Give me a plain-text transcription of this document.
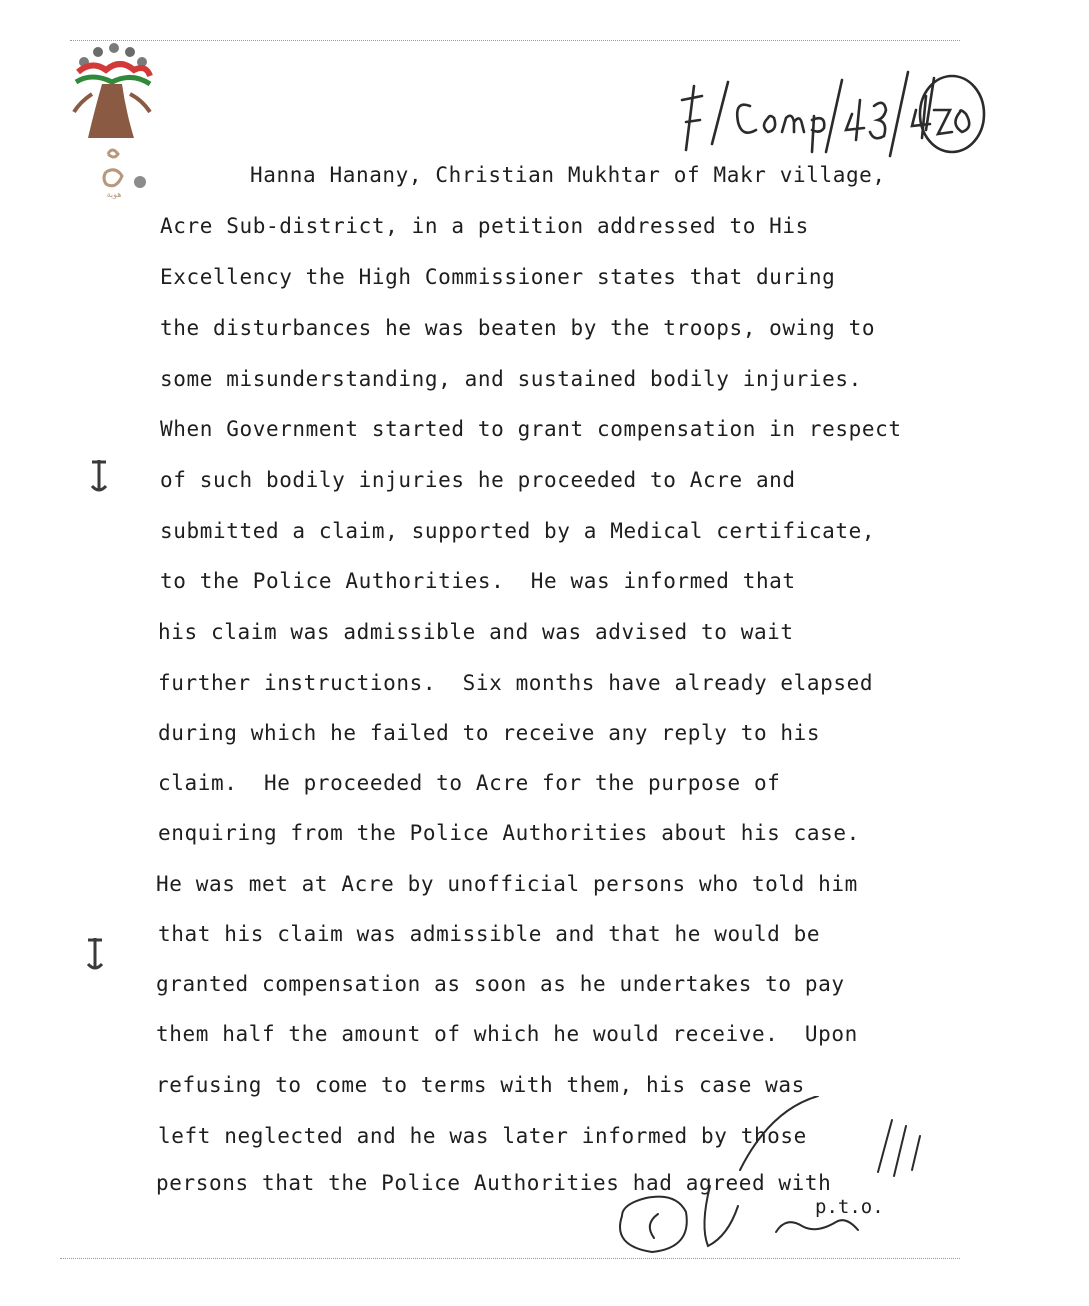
هوية
Hanna Hanany, Christian Mukhtar of Makr village,
Acre Sub-district, in a petition addressed to His
Excellency the High Commissioner states that during
the disturbances he was beaten by the troops, owing to
some misunderstanding, and sustained bodily injuries.
When Government started to grant compensation in respect
of such bodily injuries he proceeded to Acre and
submitted a claim, supported by a Medical certificate,
to the Police Authorities.  He was informed that
his claim was admissible and was advised to wait
further instructions.  Six months have already elapsed
during which he failed to receive any reply to his
claim.  He proceeded to Acre for the purpose of
enquiring from the Police Authorities about his case.
He was met at Acre by unofficial persons who told him
that his claim was admissible and that he would be
granted compensation as soon as he undertakes to pay
them half the amount of which he would receive.  Upon
refusing to come to terms with them, his case was
left neglected and he was later informed by those
persons that the Police Authorities had agreed with
p.t.o.
